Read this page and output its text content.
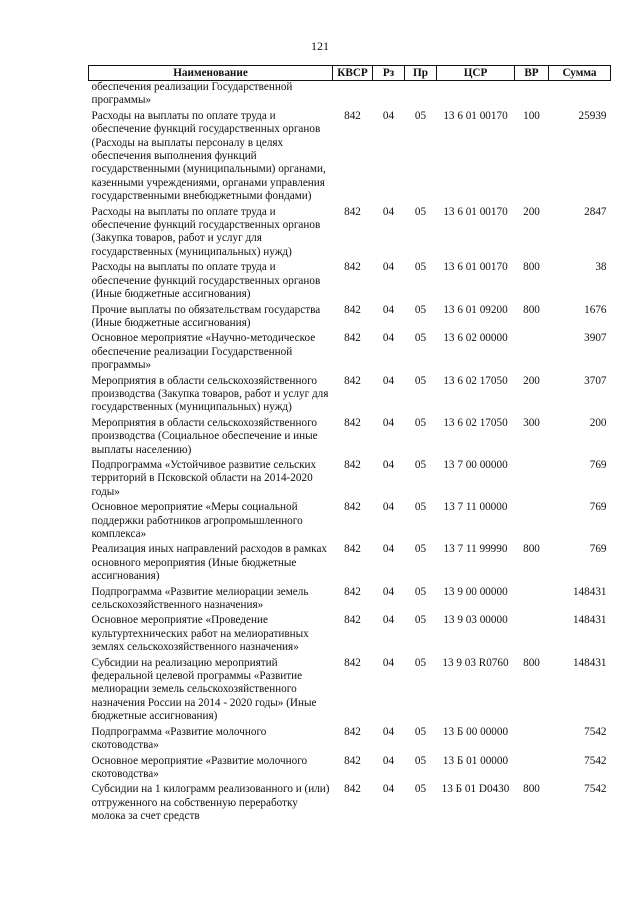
121
Наименование	КВСР	Рз	Пр	ЦСР	ВР	Сумма
обеспечения реализации Государственной программы»						
Расходы на выплаты по оплате труда и обеспечение функций государственных органов (Расходы на выплаты персоналу в целях обеспечения выполнения функций государственными (муниципальными) органами, казенными учреждениями, органами управления государственными внебюджетными фондами)	842	04	05	13 6 01 00170	100	25939
Расходы на выплаты по оплате труда и обеспечение функций государственных органов (Закупка товаров, работ и услуг для государственных (муниципальных) нужд)	842	04	05	13 6 01 00170	200	2847
Расходы на выплаты по оплате труда и обеспечение функций государственных органов (Иные бюджетные ассигнования)	842	04	05	13 6 01 00170	800	38
Прочие выплаты по обязательствам государства (Иные бюджетные ассигнования)	842	04	05	13 6 01 09200	800	1676
Основное мероприятие «Научно-методическое обеспечение реализации Государственной программы»	842	04	05	13 6 02 00000		3907
Мероприятия в области сельскохозяйственного производства (Закупка товаров, работ и услуг для государственных (муниципальных) нужд)	842	04	05	13 6 02 17050	200	3707
Мероприятия в области сельскохозяйственного производства (Социальное обеспечение и иные выплаты населению)	842	04	05	13 6 02 17050	300	200
Подпрограмма «Устойчивое развитие сельских территорий в Псковской области на 2014-2020 годы»	842	04	05	13 7 00 00000		769
Основное мероприятие «Меры социальной поддержки работников агропромышленного комплекса»	842	04	05	13 7 11 00000		769
Реализация иных направлений расходов в рамках основного мероприятия (Иные бюджетные ассигнования)	842	04	05	13 7 11 99990	800	769
Подпрограмма «Развитие мелиорации земель сельскохозяйственного назначения»	842	04	05	13 9 00 00000		148431
Основное мероприятие «Проведение культуртехнических работ на мелиоративных землях сельскохозяйственного назначения»	842	04	05	13 9 03 00000		148431
Субсидии на реализацию мероприятий федеральной целевой программы «Развитие мелиорации земель сельскохозяйственного назначения России на 2014 - 2020 годы» (Иные бюджетные ассигнования)	842	04	05	13 9 03 R0760	800	148431
Подпрограмма «Развитие молочного скотоводства»	842	04	05	13 Б 00 00000		7542
Основное мероприятие «Развитие молочного скотоводства»	842	04	05	13 Б 01 00000		7542
Субсидии на 1 килограмм реализованного и (или) отгруженного на собственную переработку молока за счет средств	842	04	05	13 Б 01 D0430	800	7542
